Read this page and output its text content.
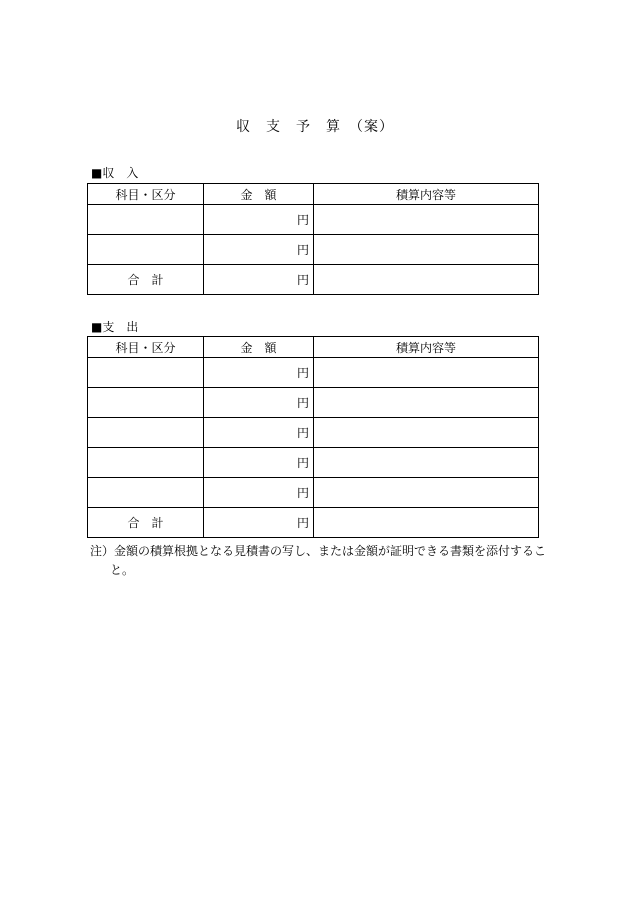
収　支　予　算　（案）
■収　入
科目・区分	金　額	積算内容等
	円	
	円	
合　計	円	
■支　出
科目・区分	金　額	積算内容等
	円	
	円	
	円	
	円	
	円	
合　計	円	
注）金額の積算根拠となる見積書の写し、または金額が証明できる書類を添付すること。
